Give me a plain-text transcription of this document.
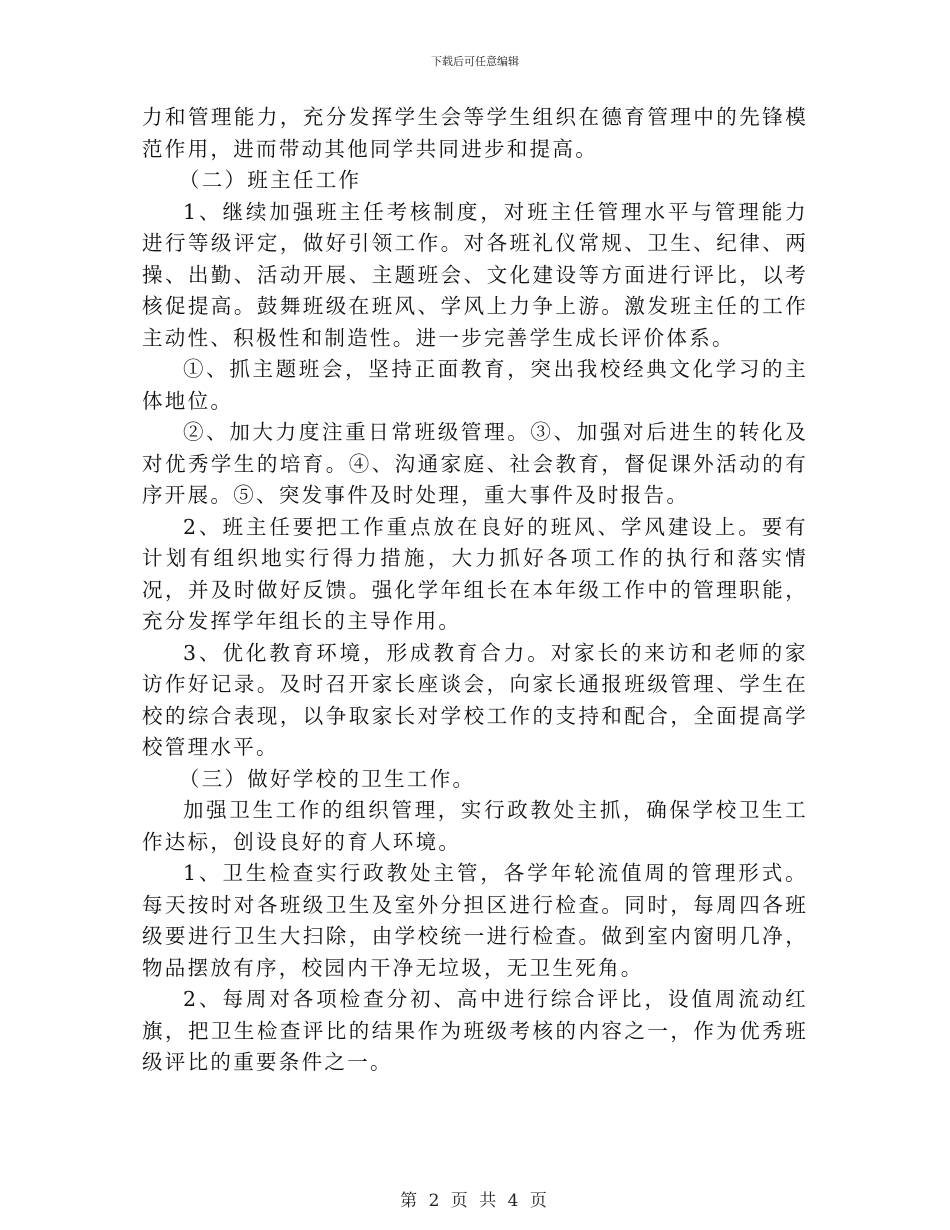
下载后可任意编辑

力和管理能力，充分发挥学生会等学生组织在德育管理中的先锋模范作用，进而带动其他同学共同进步和提高。

（二）班主任工作

1、继续加强班主任考核制度，对班主任管理水平与管理能力进行等级评定，做好引领工作。对各班礼仪常规、卫生、纪律、两操、出勤、活动开展、主题班会、文化建设等方面进行评比，以考核促提高。鼓舞班级在班风、学风上力争上游。激发班主任的工作主动性、积极性和制造性。进一步完善学生成长评价体系。

①、抓主题班会，坚持正面教育，突出我校经典文化学习的主体地位。

②、加大力度注重日常班级管理。③、加强对后进生的转化及对优秀学生的培育。④、沟通家庭、社会教育，督促课外活动的有序开展。⑤、突发事件及时处理，重大事件及时报告。

2、班主任要把工作重点放在良好的班风、学风建设上。要有计划有组织地实行得力措施，大力抓好各项工作的执行和落实情况，并及时做好反馈。强化学年组长在本年级工作中的管理职能，充分发挥学年组长的主导作用。

3、优化教育环境，形成教育合力。对家长的来访和老师的家访作好记录。及时召开家长座谈会，向家长通报班级管理、学生在校的综合表现，以争取家长对学校工作的支持和配合，全面提高学校管理水平。

（三）做好学校的卫生工作。

加强卫生工作的组织管理，实行政教处主抓，确保学校卫生工作达标，创设良好的育人环境。

1、卫生检查实行政教处主管，各学年轮流值周的管理形式。每天按时对各班级卫生及室外分担区进行检查。同时，每周四各班级要进行卫生大扫除，由学校统一进行检查。做到室内窗明几净，物品摆放有序，校园内干净无垃圾，无卫生死角。

2、每周对各项检查分初、高中进行综合评比，设值周流动红旗，把卫生检查评比的结果作为班级考核的内容之一，作为优秀班级评比的重要条件之一。

第 2 页 共 4 页
